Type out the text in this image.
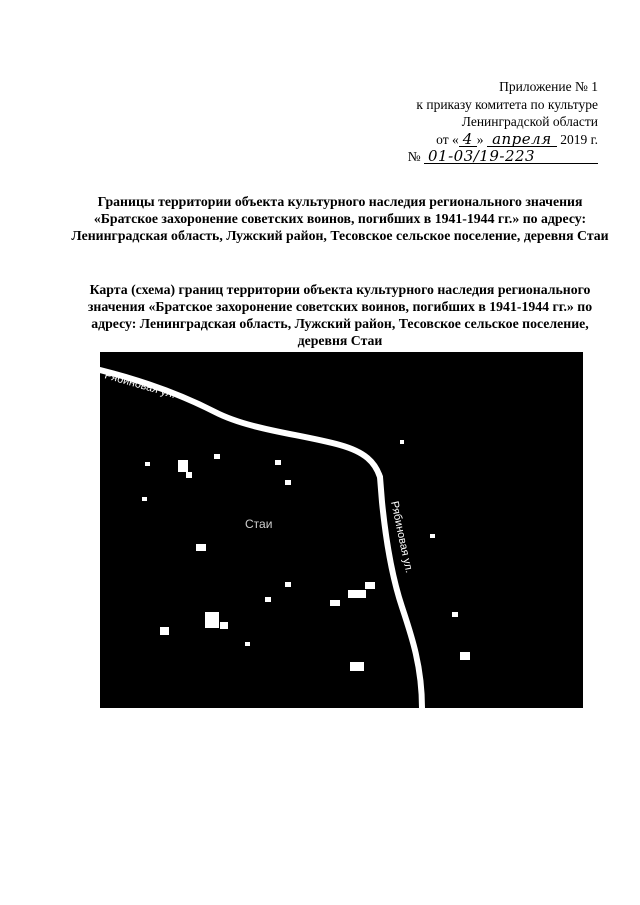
Приложение № 1
к приказу комитета по культуре
Ленинградской области
от « 4 » апреля 2019 г.
№ 01-03/19-223
Границы территории объекта культурного наследия регионального значения «Братское захоронение советских воинов, погибших в 1941-1944 гг.» по адресу: Ленинградская область, Лужский район, Тесовское сельское поселение, деревня Стаи
Карта (схема) границ территории объекта культурного наследия регионального значения «Братское захоронение советских воинов, погибших в 1941-1944 гг.» по адресу: Ленинградская область, Лужский район, Тесовское сельское поселение, деревня Стаи
Рябиновая ул.
Рябиновая ул.
Стаи
